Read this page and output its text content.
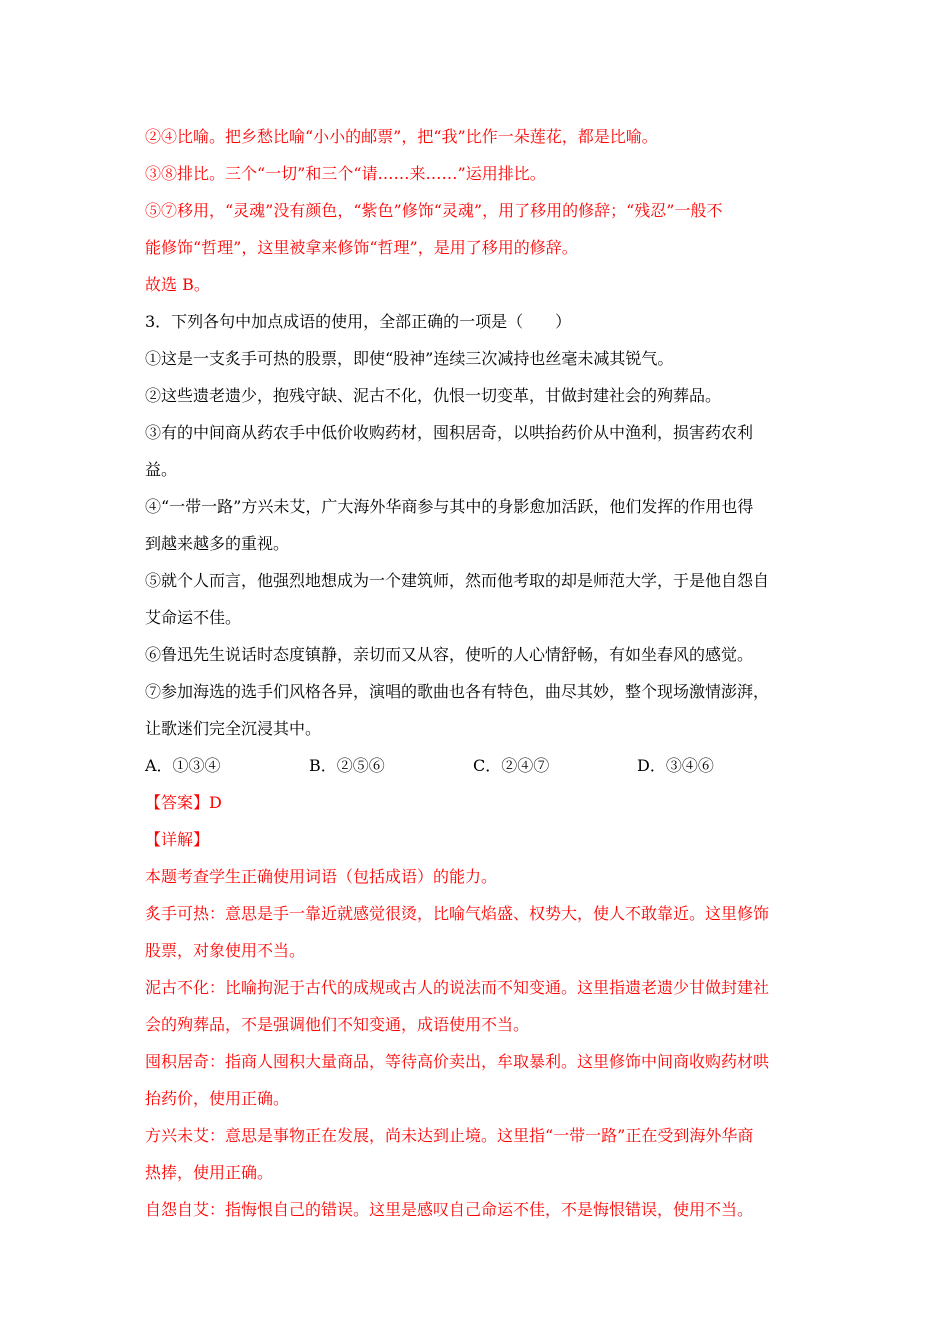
②④比喻。把乡愁比喻“小小的邮票”，把“我”比作一朵莲花，都是比喻。

③⑧排比。三个“一切”和三个“请……来……”运用排比。

⑤⑦移用，“灵魂”没有颜色，“紫色”修饰“灵魂”，用了移用的修辞；“残忍”一般不

能修饰“哲理”，这里被拿来修饰“哲理”，是用了移用的修辞。

故选 B。

3．下列各句中加点成语的使用，全部正确的一项是（　　）

①这是一支炙手可热的股票，即使“股神”连续三次减持也丝毫未减其锐气。

②这些遗老遗少，抱残守缺、泥古不化，仇恨一切变革，甘做封建社会的殉葬品。

③有的中间商从药农手中低价收购药材，囤积居奇，以哄抬药价从中渔利，损害药农利

益。

④“一带一路”方兴未艾，广大海外华商参与其中的身影愈加活跃，他们发挥的作用也得

到越来越多的重视。

⑤就个人而言，他强烈地想成为一个建筑师，然而他考取的却是师范大学，于是他自怨自

艾命运不佳。

⑥鲁迅先生说话时态度镇静，亲切而又从容，使听的人心情舒畅，有如坐春风的感觉。

⑦参加海选的选手们风格各异，演唱的歌曲也各有特色，曲尽其妙，整个现场激情澎湃，

让歌迷们完全沉浸其中。

A．①③④	B．②⑤⑥	C．②④⑦	D．③④⑥

【答案】D

【详解】

本题考查学生正确使用词语（包括成语）的能力。

炙手可热：意思是手一靠近就感觉很烫，比喻气焰盛、权势大，使人不敢靠近。这里修饰

股票，对象使用不当。

泥古不化：比喻拘泥于古代的成规或古人的说法而不知变通。这里指遗老遗少甘做封建社

会的殉葬品，不是强调他们不知变通，成语使用不当。

囤积居奇：指商人囤积大量商品，等待高价卖出，牟取暴利。这里修饰中间商收购药材哄

抬药价，使用正确。

方兴未艾：意思是事物正在发展，尚未达到止境。这里指“一带一路”正在受到海外华商

热捧，使用正确。

自怨自艾：指悔恨自己的错误。这里是感叹自己命运不佳，不是悔恨错误，使用不当。
